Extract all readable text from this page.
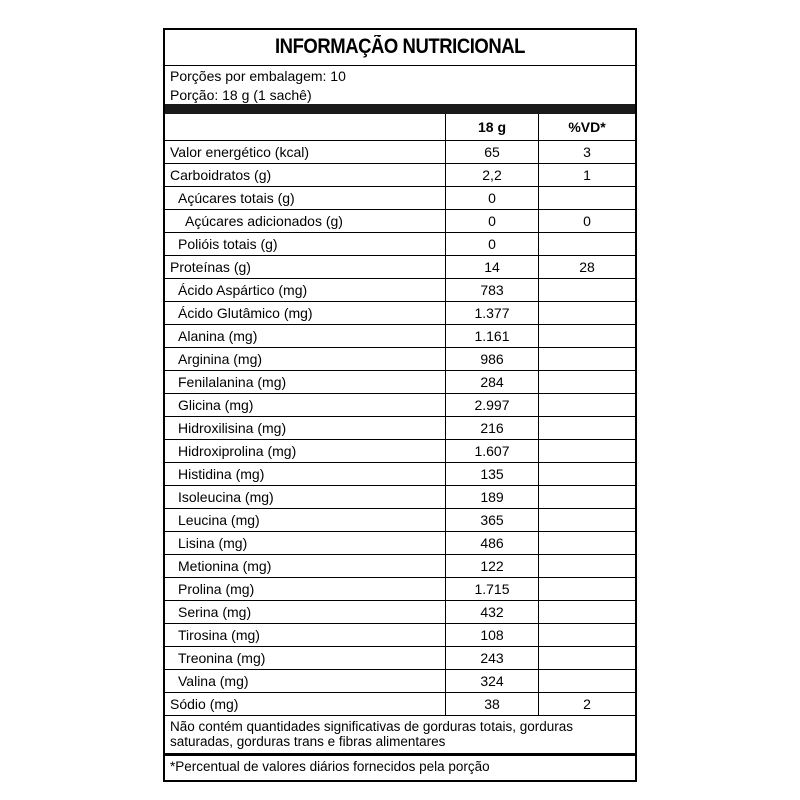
INFORMAÇÃO NUTRICIONAL
Porções por embalagem: 10
Porção: 18 g (1 sachê)
18 g	%VD*
Valor energético (kcal)	65	3
Carboidratos (g)	2,2	1
Açúcares totais (g)	0
Açúcares adicionados (g)	0	0
Polióis totais (g)	0
Proteínas (g)	14	28
Ácido Aspártico (mg)	783
Ácido Glutâmico (mg)	1.377
Alanina (mg)	1.161
Arginina (mg)	986
Fenilalanina (mg)	284
Glicina (mg)	2.997
Hidroxilisina (mg)	216
Hidroxiprolina (mg)	1.607
Histidina (mg)	135
Isoleucina (mg)	189
Leucina (mg)	365
Lisina (mg)	486
Metionina (mg)	122
Prolina (mg)	1.715
Serina (mg)	432
Tirosina (mg)	108
Treonina (mg)	243
Valina (mg)	324
Sódio (mg)	38	2
Não contém quantidades significativas de gorduras totais, gorduras saturadas, gorduras trans e fibras alimentares
*Percentual de valores diários fornecidos pela porção
